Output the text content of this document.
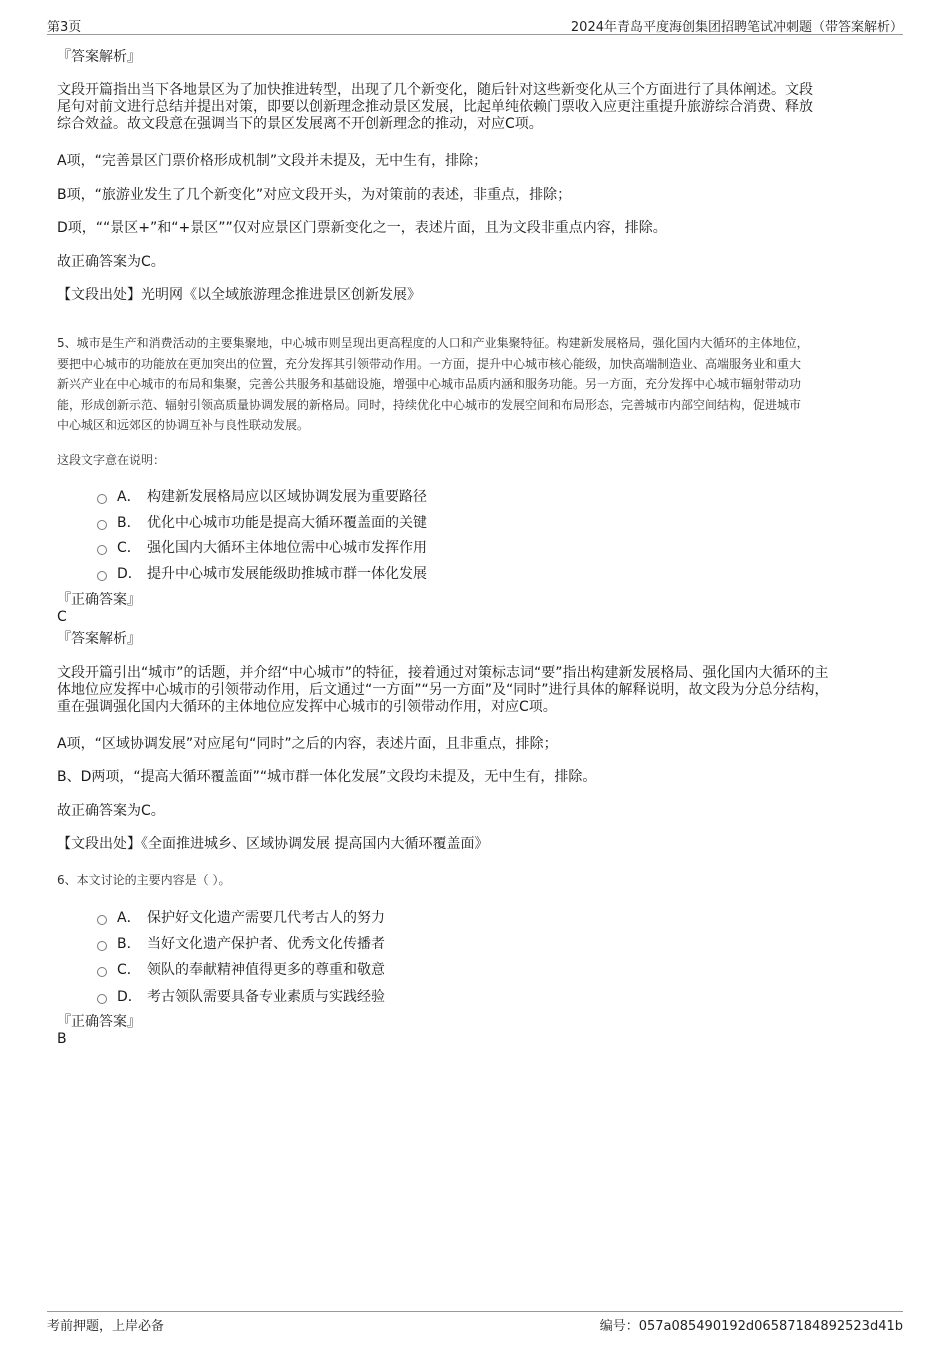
第3页	2024年青岛平度海创集团招聘笔试冲刺题（带答案解析）
『答案解析』
文段开篇指出当下各地景区为了加快推进转型，出现了几个新变化，随后针对这些新变化从三个方面进行了具体阐述。文段
尾句对前文进行总结并提出对策，即要以创新理念推动景区发展，比起单纯依赖门票收入应更注重提升旅游综合消费、释放
综合效益。故文段意在强调当下的景区发展离不开创新理念的推动，对应C项。
A项，“完善景区门票价格形成机制”文段并未提及，无中生有，排除；
B项，“旅游业发生了几个新变化”对应文段开头，为对策前的表述，非重点，排除；
D项，““景区+”和“+景区””仅对应景区门票新变化之一，表述片面，且为文段非重点内容，排除。
故正确答案为C。
【文段出处】光明网《以全域旅游理念推进景区创新发展》
5、城市是生产和消费活动的主要集聚地，中心城市则呈现出更高程度的人口和产业集聚特征。构建新发展格局，强化国内大循环的主体地位，
要把中心城市的功能放在更加突出的位置，充分发挥其引领带动作用。一方面，提升中心城市核心能级，加快高端制造业、高端服务业和重大
新兴产业在中心城市的布局和集聚，完善公共服务和基础设施，增强中心城市品质内涵和服务功能。另一方面，充分发挥中心城市辐射带动功
能，形成创新示范、辐射引领高质量协调发展的新格局。同时，持续优化中心城市的发展空间和布局形态，完善城市内部空间结构，促进城市
中心城区和远郊区的协调互补与良性联动发展。
这段文字意在说明：
A． 构建新发展格局应以区域协调发展为重要路径
B． 优化中心城市功能是提高大循环覆盖面的关键
C． 强化国内大循环主体地位需中心城市发挥作用
D． 提升中心城市发展能级助推城市群一体化发展
『正确答案』
C
『答案解析』
文段开篇引出“城市”的话题，并介绍“中心城市”的特征，接着通过对策标志词“要”指出构建新发展格局、强化国内大循环的主
体地位应发挥中心城市的引领带动作用，后文通过“一方面”“另一方面”及“同时”进行具体的解释说明，故文段为分总分结构，
重在强调强化国内大循环的主体地位应发挥中心城市的引领带动作用，对应C项。
A项，“区域协调发展”对应尾句“同时”之后的内容，表述片面，且非重点，排除；
B、D两项，“提高大循环覆盖面”“城市群一体化发展”文段均未提及，无中生有，排除。
故正确答案为C。
【文段出处】《全面推进城乡、区域协调发展 提高国内大循环覆盖面》
6、本文讨论的主要内容是（ ）。
A． 保护好文化遗产需要几代考古人的努力
B． 当好文化遗产保护者、优秀文化传播者
C． 领队的奉献精神值得更多的尊重和敬意
D． 考古领队需要具备专业素质与实践经验
『正确答案』
B
考前押题，上岸必备	编号：057a085490192d06587184892523d41b
